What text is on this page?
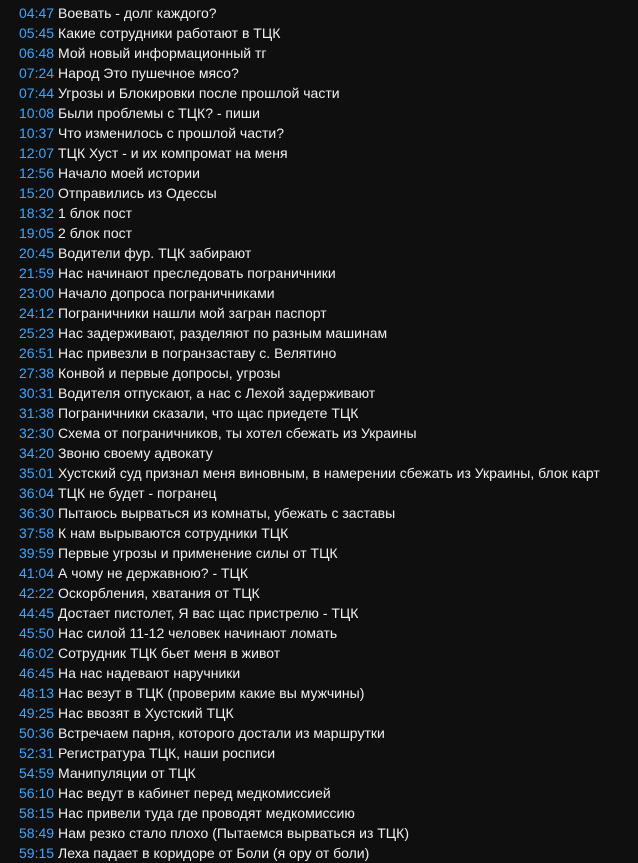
04:47 Воевать - долг каждого?
05:45 Какие сотрудники работают в ТЦК
06:48 Мой новый информационный тг
07:24 Народ Это пушечное мясо?
07:44 Угрозы и Блокировки после прошлой части
10:08 Были проблемы с ТЦК? - пиши
10:37 Что изменилось с прошлой части?
12:07 ТЦК Хуст - и их компромат на меня
12:56 Начало моей истории
15:20 Отправились из Одессы
18:32 1 блок пост
19:05 2 блок пост
20:45 Водители фур. ТЦК забирают
21:59 Нас начинают преследовать пограничники
23:00 Начало допроса пограничниками
24:12 Пограничники нашли мой загран паспорт
25:23 Нас задерживают, разделяют по разным машинам
26:51 Нас привезли в погранзаставу с. Велятино
27:38 Конвой и первые допросы, угрозы
30:31 Водителя отпускают, а нас с Лехой задерживают
31:38 Пограничники сказали, что щас приедете ТЦК
32:30 Схема от пограничников, ты хотел сбежать из Украины
34:20 Звоню своему адвокату
35:01 Хустский суд признал меня виновным, в намерении сбежать из Украины, блок карт
36:04 ТЦК не будет - погранец
36:30 Пытаюсь вырваться из комнаты, убежать с заставы
37:58 К нам вырываются сотрудники ТЦК
39:59 Первые угрозы и применение силы от ТЦК
41:04 А чому не державною? - ТЦК
42:22 Оскорбления, хватания от ТЦК
44:45 Достает пистолет, Я вас щас пристрелю - ТЦК
45:50 Нас силой 11-12 человек начинают ломать
46:02 Сотрудник ТЦК бьет меня в живот
46:45 На нас надевают наручники
48:13 Нас везут в ТЦК (проверим какие вы мужчины)
49:25 Нас ввозят в Хустский ТЦК
50:36 Встречаем парня, которого достали из маршрутки
52:31 Регистратура ТЦК, наши росписи
54:59 Манипуляции от ТЦК
56:10 Нас ведут в кабинет перед медкомиссией
58:15 Нас привели туда где проводят медкомиссию
58:49 Нам резко стало плохо (Пытаемся вырваться из ТЦК)
59:15 Леха падает в коридоре от Боли (я ору от боли)
